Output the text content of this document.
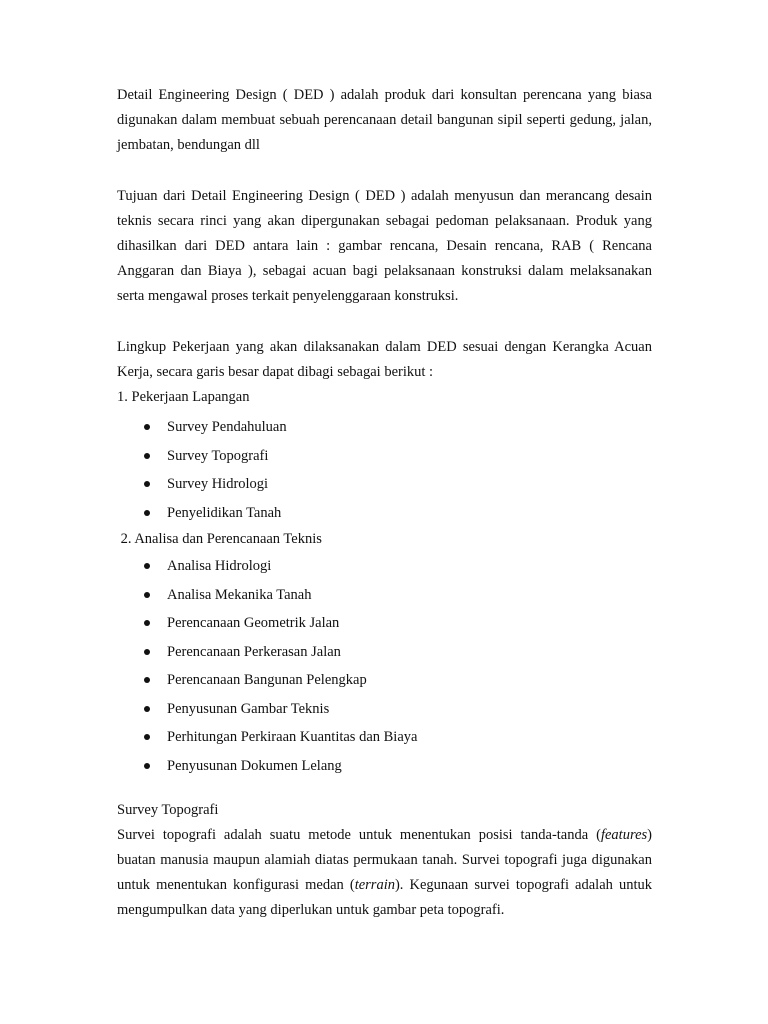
Detail Engineering Design ( DED ) adalah produk dari konsultan perencana yang biasa digunakan dalam membuat sebuah perencanaan detail bangunan sipil seperti gedung, jalan, jembatan, bendungan dll

Tujuan dari Detail Engineering Design ( DED ) adalah menyusun dan merancang desain teknis secara rinci yang akan dipergunakan sebagai pedoman pelaksanaan. Produk yang dihasilkan dari DED antara lain : gambar rencana, Desain rencana, RAB ( Rencana Anggaran dan Biaya ), sebagai acuan bagi pelaksanaan konstruksi dalam melaksanakan serta mengawal proses terkait penyelenggaraan konstruksi.

Lingkup Pekerjaan yang akan dilaksanakan dalam DED sesuai dengan Kerangka Acuan Kerja, secara garis besar dapat dibagi sebagai berikut :

1. Pekerjaan Lapangan

Survey Pendahuluan
Survey Topografi
Survey Hidrologi
Penyelidikan Tanah

2. Analisa dan Perencanaan Teknis

Analisa Hidrologi
Analisa Mekanika Tanah
Perencanaan Geometrik Jalan
Perencanaan Perkerasan Jalan
Perencanaan Bangunan Pelengkap
Penyusunan Gambar Teknis
Perhitungan Perkiraan Kuantitas dan Biaya
Penyusunan Dokumen Lelang

Survey Topografi

Survei topografi adalah suatu metode untuk menentukan posisi tanda-tanda (features) buatan manusia maupun alamiah diatas permukaan tanah. Survei topografi juga digunakan untuk menentukan konfigurasi medan (terrain). Kegunaan survei topografi adalah untuk mengumpulkan data yang diperlukan untuk gambar peta topografi.
